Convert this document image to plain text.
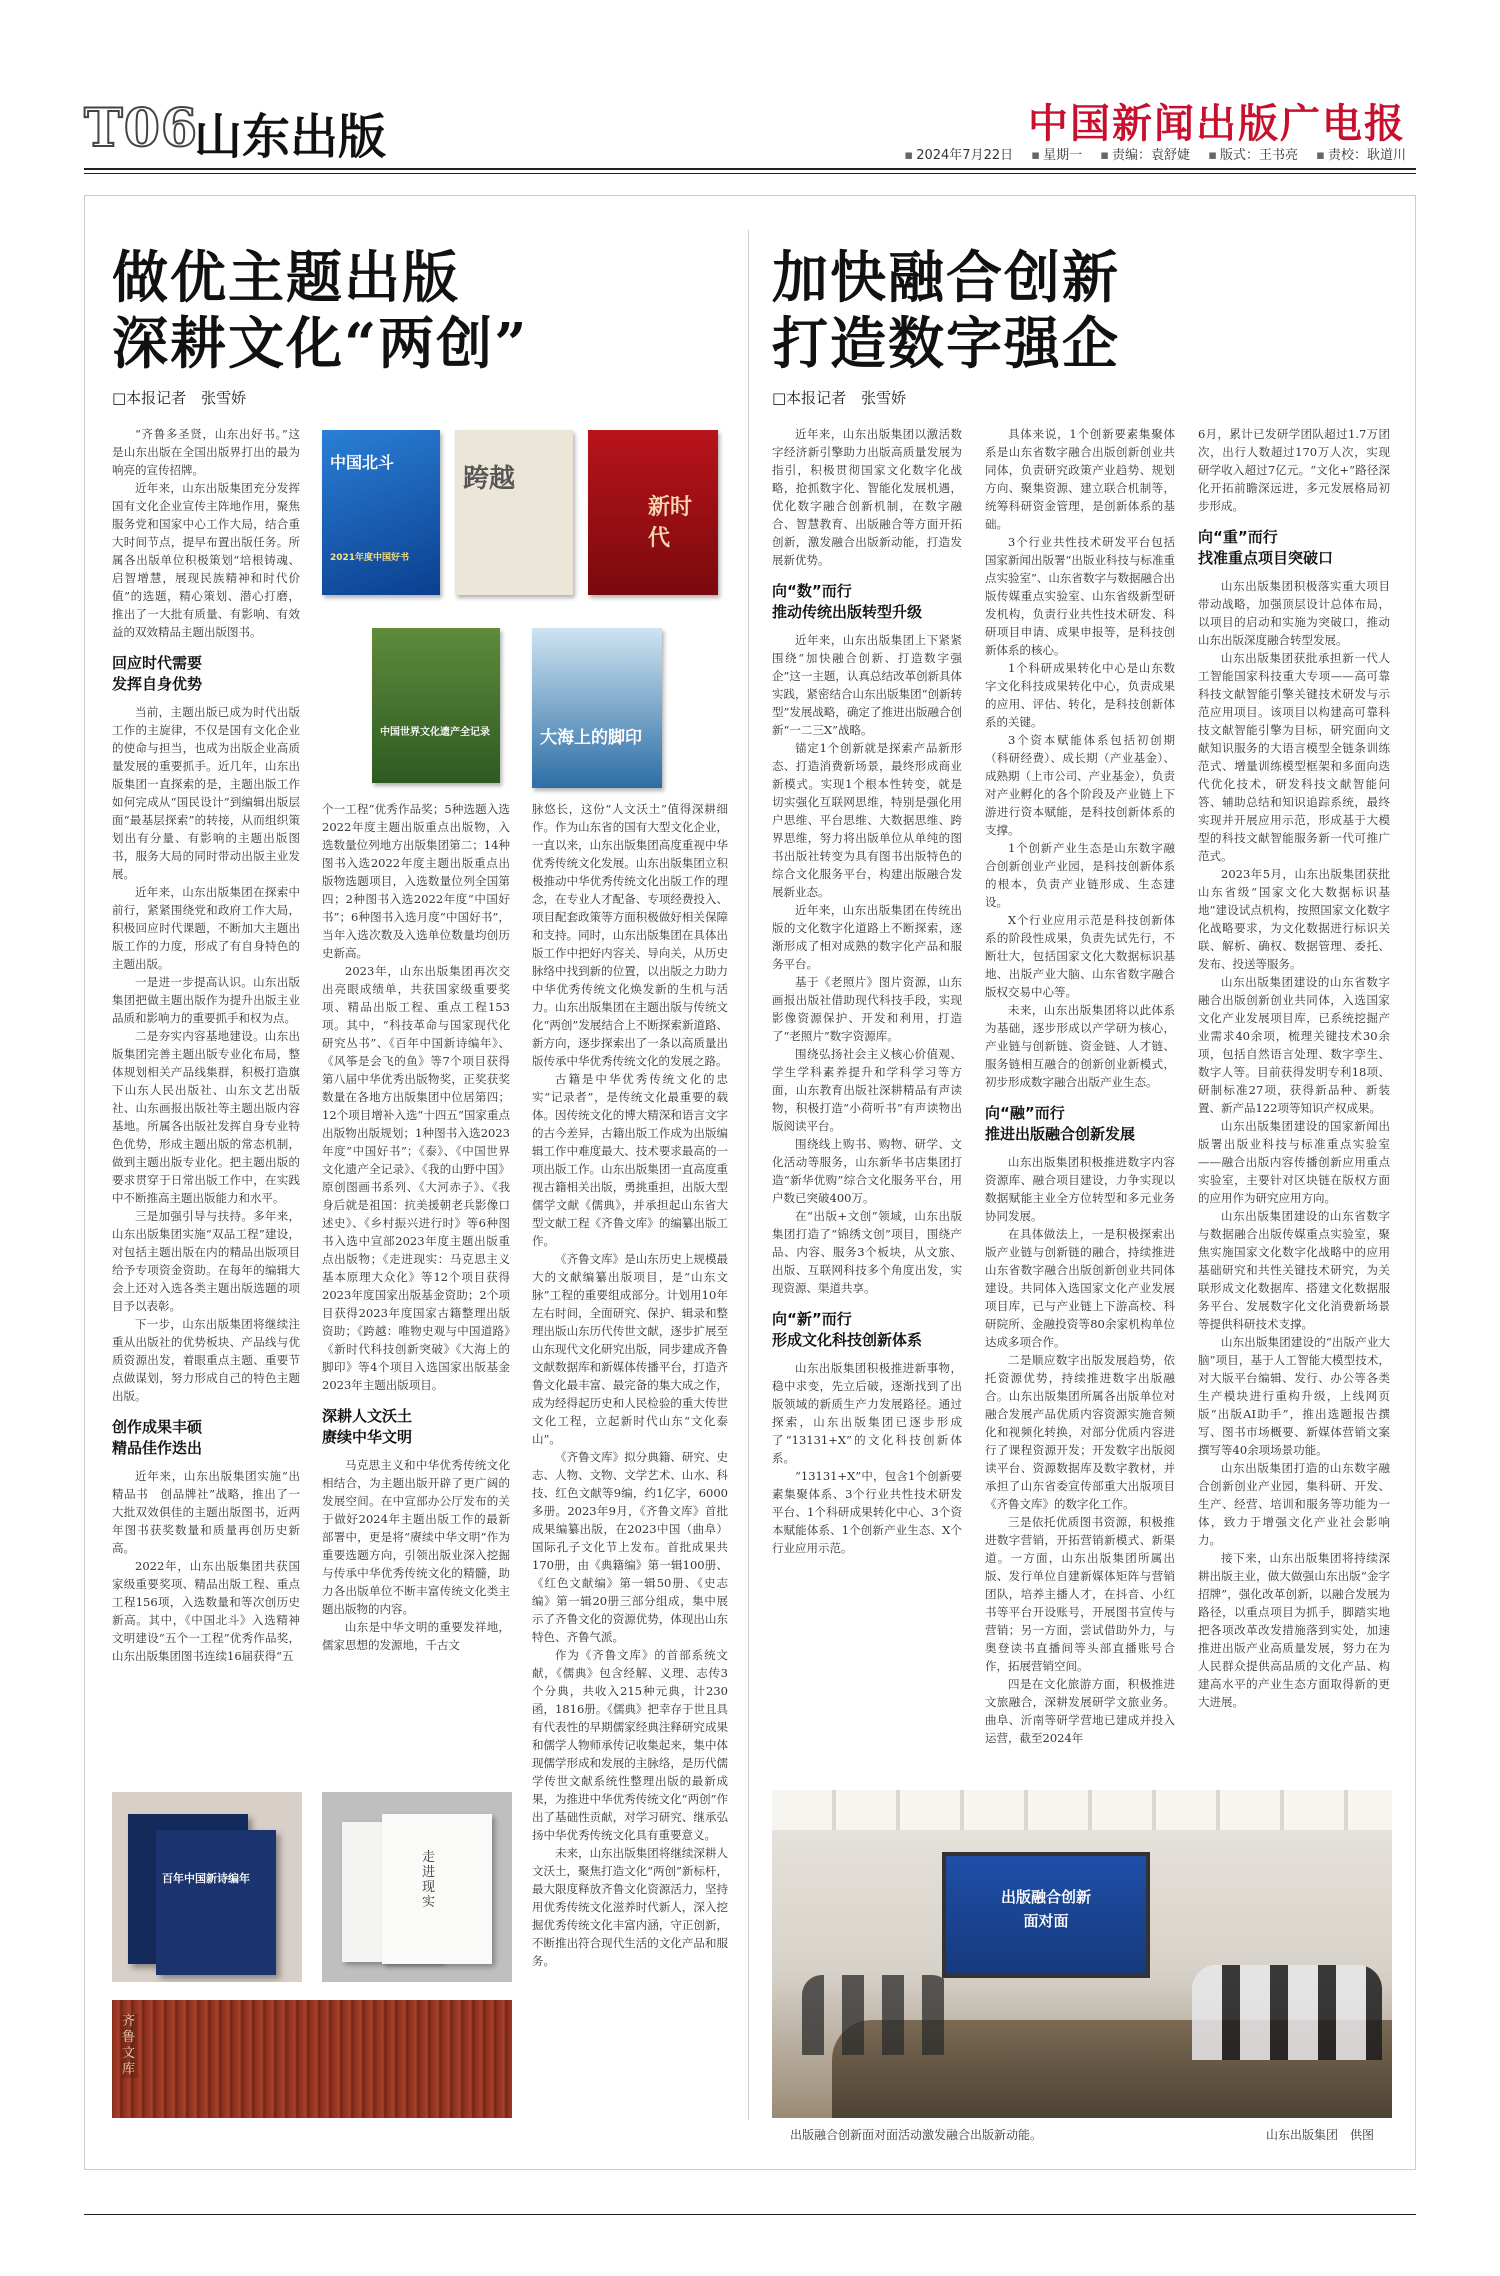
T06
山东出版	中国新闻出版广电报
▪ 2024年7月22日 ▪ 星期一 ▪ 责编：袁舒婕 ▪ 版式：王书亮 ▪ 责校：耿道川
做优主题出版
深耕文化“两创”
□本报记者　张雪娇

“齐鲁多圣贤，山东出好书。”这是山东出版在全国出版界打出的最为响亮的宣传招牌。

近年来，山东出版集团充分发挥国有文化企业宣传主阵地作用，聚焦服务党和国家中心工作大局，结合重大时间节点，提早布置出版任务。所属各出版单位积极策划“培根铸魂、启智增慧，展现民族精神和时代价值”的选题，精心策划、潜心打磨，推出了一大批有质量、有影响、有效益的双效精品主题出版图书。

回应时代需要
发挥自身优势

当前，主题出版已成为时代出版工作的主旋律，不仅是国有文化企业的使命与担当，也成为出版企业高质量发展的重要抓手。近几年，山东出版集团一直探索的是，主题出版工作如何完成从“国民设计”到编辑出版层面“最基层探索”的转接，从而组织策划出有分量、有影响的主题出版图书，服务大局的同时带动出版主业发展。

近年来，山东出版集团在探索中前行，紧紧围绕党和政府工作大局，积极回应时代课题，不断加大主题出版工作的力度，形成了有自身特色的主题出版。

一是进一步提高认识。山东出版集团把做主题出版作为提升出版主业品质和影响力的重要抓手和权为点。

二是夯实内容基地建设。山东出版集团完善主题出版专业化布局，整体规划相关产品线集群，积极打造旗下山东人民出版社、山东文艺出版社、山东画报出版社等主题出版内容基地。所属各出版社发挥自身专业特色优势，形成主题出版的常态机制，做到主题出版专业化。把主题出版的要求贯穿于日常出版工作中，在实践中不断推高主题出版能力和水平。

三是加强引导与扶持。多年来，山东出版集团实施“双品工程”建设，对包括主题出版在内的精品出版项目给予专项资金资助。在每年的编辑大会上还对入选各类主题出版选题的项目予以表彰。

下一步，山东出版集团将继续注重从出版社的优势板块、产品线与优质资源出发，着眼重点主题、重要节点做谋划，努力形成自己的特色主题出版。

创作成果丰硕
精品佳作迭出

近年来，山东出版集团实施“出精品书　创品牌社”战略，推出了一大批双效俱佳的主题出版图书，近两年图书获奖数量和质量再创历史新高。

2022年，山东出版集团共获国家级重要奖项、精品出版工程、重点工程156项，入选数量和等次创历史新高。其中，《中国北斗》入选精神文明建设“五个一工程”优秀作品奖，山东出版集团图书连续16届获得“五

个一工程”优秀作品奖；5种选题入选2022年度主题出版重点出版物，入选数量位列地方出版集团第二；14种图书入选2022年度主题出版重点出版物选题项目，入选数量位列全国第四；2种图书入选2022年度“中国好书”；6种图书入选月度“中国好书”，当年入选次数及入选单位数量均创历史新高。

2023年，山东出版集团再次交出亮眼成绩单，共获国家级重要奖项、精品出版工程、重点工程153项。其中，“科技革命与国家现代化研究丛书”、《百年中国新诗编年》、《风筝是会飞的鱼》等7个项目获得第八届中华优秀出版物奖，正奖获奖数量在各地方出版集团中位居第四；12个项目增补入选“十四五”国家重点出版物出版规划；1种图书入选2023年度“中国好书”；《泰》、《中国世界文化遗产全记录》、《我的山野中国》原创图画书系列、《大河赤子》、《我身后就是祖国：抗美援朝老兵影像口述史》、《乡村振兴进行时》等6种图书入选中宣部2023年度主题出版重点出版物；《走进现实：马克思主义基本原理大众化》等12个项目获得2023年度国家出版基金资助；2个项目获得2023年度国家古籍整理出版资助；《跨越：唯物史观与中国道路》《新时代科技创新突破》《大海上的脚印》等4个项目入选国家出版基金2023年主题出版项目。

深耕人文沃土
赓续中华文明

马克思主义和中华优秀传统文化相结合，为主题出版开辟了更广阔的发展空间。在中宣部办公厅发布的关于做好2024年主题出版工作的最新部署中，更是将“赓续中华文明”作为重要选题方向，引领出版业深入挖掘与传承中华优秀传统文化的精髓，助力各出版单位不断丰富传统文化类主题出版物的内容。

山东是中华文明的重要发祥地，儒家思想的发源地，千古文

脉悠长，这份“人文沃土”值得深耕细作。作为山东省的国有大型文化企业，一直以来，山东出版集团高度重视中华优秀传统文化发展。山东出版集团立积极推动中华优秀传统文化出版工作的理念，在专业人才配备、专项经费投入、项目配套政策等方面积极做好相关保障和支持。同时，山东出版集团在具体出版工作中把好内容关、导向关，从历史脉络中找到新的位置，以出版之力助力中华优秀传统文化焕发新的生机与活力。山东出版集团在主题出版与传统文化“两创”发展结合上不断探索新道路、新方向，逐步探索出了一条以高质量出版传承中华优秀传统文化的发展之路。

古籍是中华优秀传统文化的忠实“记录者”，是传统文化最重要的载体。因传统文化的博大精深和语言文字的古今差异，古籍出版工作成为出版编辑工作中难度最大、技术要求最高的一项出版工作。山东出版集团一直高度重视古籍相关出版，勇挑重担，出版大型儒学文献《儒典》，并承担起山东省大型文献工程《齐鲁文库》的编纂出版工作。

《齐鲁文库》是山东历史上规模最大的文献编纂出版项目，是“山东文脉”工程的重要组成部分。计划用10年左右时间，全面研究、保护、辑录和整理出版山东历代传世文献，逐步扩展至山东现代文化研究出版，同步建成齐鲁文献数据库和新媒体传播平台，打造齐鲁文化最丰富、最完备的集大成之作，成为经得起历史和人民检验的重大传世文化工程，立起新时代山东“文化泰山”。

《齐鲁文库》拟分典籍、研究、史志、人物、文物、文学艺术、山水、科技、红色文献等9编，约1亿字，6000多册。2023年9月，《齐鲁文库》首批成果编纂出版，在2023中国（曲阜）国际孔子文化节上发布。首批成果共170册，由《典籍编》第一辑100册、《红色文献编》第一辑50册、《史志编》第一辑20册三部分组成，集中展示了齐鲁文化的资源优势，体现出山东特色、齐鲁气派。

作为《齐鲁文库》的首部系统文献，《儒典》包含经解、义理、志传3个分典，共收入215种元典，计230函，1816册。《儒典》把幸存于世且具有代表性的早期儒家经典注释研究成果和儒学人物师承传记收集起来，集中体现儒学形成和发展的主脉络，是历代儒学传世文献系统性整理出版的最新成果，为推进中华优秀传统文化“两创”作出了基础性贡献，对学习研究、继承弘扬中华优秀传统文化具有重要意义。

未来，山东出版集团将继续深耕人文沃土，聚焦打造文化“两创”新标杆，最大限度释放齐鲁文化资源活力，坚持用优秀传统文化滋养时代新人，深入挖掘优秀传统文化丰富内涵，守正创新，不断推出符合现代生活的文化产品和服务。

中国北斗
2021年度中国好书
跨越
新时代
中国世界文化遗产全记录	大海上的脚印
百年中国新诗编年
走进现实
齐鲁文库
加快融合创新
打造数字强企
□本报记者　张雪娇

近年来，山东出版集团以激活数字经济新引擎助力出版高质量发展为指引，积极贯彻国家文化数字化战略，抢抓数字化、智能化发展机遇，优化数字融合创新机制，在数字融合、智慧教育、出版融合等方面开拓创新，激发融合出版新动能，打造发展新优势。

向“数”而行
推动传统出版转型升级

近年来，山东出版集团上下紧紧围绕“加快融合创新、打造数字强企”这一主题，认真总结改革创新具体实践，紧密结合山东出版集团“创新转型”发展战略，确定了推进出版融合创新“一二三X”战略。

锚定1个创新就是探索产品新形态、打造消费新场景，最终形成商业新模式。实现1个根本性转变，就是切实强化互联网思维，特别是强化用户思维、平台思维、大数据思维、跨界思维，努力将出版单位从单纯的图书出版社转变为具有图书出版特色的综合文化服务平台，构建出版融合发展新业态。

近年来，山东出版集团在传统出版的文化数字化道路上不断探索，逐渐形成了相对成熟的数字化产品和服务平台。

基于《老照片》图片资源，山东画报出版社借助现代科技手段，实现影像资源保护、开发和利用，打造了“老照片”数字资源库。

围绕弘扬社会主义核心价值观、学生学科素养提升和学科学习等方面，山东教育出版社深耕精品有声读物，积极打造“小荷听书”有声读物出版阅读平台。

围绕线上购书、购物、研学、文化活动等服务，山东新华书店集团打造“新华优购”综合文化服务平台，用户数已突破400万。

在“出版+文创”领域，山东出版集团打造了“锦绣文创”项目，围绕产品、内容、服务3个板块，从文旅、出版、互联网科技多个角度出发，实现资源、渠道共享。

向“新”而行
形成文化科技创新体系

山东出版集团积极推进新事物，稳中求变，先立后破，逐渐找到了出版领域的新质生产力发展路径。通过探索，山东出版集团已逐步形成了“13131+X”的文化科技创新体系。

“13131+X”中，包含1个创新要素集聚体系、3个行业共性技术研发平台、1个科研成果转化中心、3个资本赋能体系、1个创新产业生态、X个行业应用示范。

具体来说，1个创新要素集聚体系是山东省数字融合出版创新创业共同体，负责研究政策产业趋势、规划方向、聚集资源、建立联合机制等，统筹科研资金管理，是创新体系的基础。

3个行业共性技术研发平台包括国家新闻出版署“出版业科技与标准重点实验室”、山东省数字与数据融合出版传媒重点实验室、山东省级新型研发机构，负责行业共性技术研发、科研项目申请、成果申报等，是科技创新体系的核心。

1个科研成果转化中心是山东数字文化科技成果转化中心，负责成果的应用、评估、转化，是科技创新体系的关键。

3个资本赋能体系包括初创期（科研经费）、成长期（产业基金）、成熟期（上市公司、产业基金），负责对产业孵化的各个阶段及产业链上下游进行资本赋能，是科技创新体系的支撑。

1个创新产业生态是山东数字融合创新创业产业园，是科技创新体系的根本，负责产业链形成、生态建设。

X个行业应用示范是科技创新体系的阶段性成果，负责先试先行，不断壮大，包括国家文化大数据标识基地、出版产业大脑、山东省数字融合版权交易中心等。

未来，山东出版集团将以此体系为基础，逐步形成以产学研为核心，产业链与创新链、资金链、人才链、服务链相互融合的创新创业新模式，初步形成数字融合出版产业生态。

向“融”而行
推进出版融合创新发展

山东出版集团积极推进数字内容资源库、融合项目建设，力争实现以数据赋能主业全方位转型和多元业务协同发展。

在具体做法上，一是积极探索出版产业链与创新链的融合，持续推进山东省数字融合出版创新创业共同体建设。共同体入选国家文化产业发展项目库，已与产业链上下游高校、科研院所、金融投资等80余家机构单位达成多项合作。

二是顺应数字出版发展趋势，依托资源优势，持续推进数字出版融合。山东出版集团所属各出版单位对融合发展产品优质内容资源实施音频化和视频化转换，对部分优质内容进行了课程资源开发；开发数字出版阅读平台、资源数据库及数字教材，并承担了山东省委宣传部重大出版项目《齐鲁文库》的数字化工作。

三是依托优质图书资源，积极推进数字营销，开拓营销新模式、新渠道。一方面，山东出版集团所属出版、发行单位自建新媒体矩阵与营销团队，培养主播人才，在抖音、小红书等平台开设账号，开展图书宣传与营销；另一方面，尝试借助外力，与奥登读书直播间等头部直播账号合作，拓展营销空间。

四是在文化旅游方面，积极推进文旅融合，深耕发展研学文旅业务。曲阜、沂南等研学营地已建成并投入运营，截至2024年

6月，累计已发研学团队超过1.7万团次，出行人数超过170万人次，实现研学收入超过7亿元。“文化+”路径深化开拓前瞻深远进，多元发展格局初步形成。

向“重”而行
找准重点项目突破口

山东出版集团积极落实重大项目带动战略，加强顶层设计总体布局，以项目的启动和实施为突破口，推动山东出版深度融合转型发展。

山东出版集团获批承担新一代人工智能国家科技重大专项——高可靠科技文献智能引擎关键技术研发与示范应用项目。该项目以构建高可靠科技文献智能引擎为目标，研究面向文献知识服务的大语言模型全链条训练范式、增量训练模型框架和多面向迭代优化技术，研发科技文献智能问答、辅助总结和知识追踪系统，最终实现并开展应用示范，形成基于大模型的科技文献智能服务新一代可推广范式。

2023年5月，山东出版集团获批山东省级“国家文化大数据标识基地”建设试点机构，按照国家文化数字化战略要求，为文化数据进行标识关联、解析、确权、数据管理、委托、发布、投送等服务。

山东出版集团建设的山东省数字融合出版创新创业共同体，入选国家文化产业发展项目库，已系统挖掘产业需求40余项，梳理关键技术30余项，包括自然语言处理、数字孪生、数字人等。目前获得发明专利18项、研制标准27项，获得新品种、新装置、新产品122项等知识产权成果。

山东出版集团建设的国家新闻出版署出版业科技与标准重点实验室——融合出版内容传播创新应用重点实验室，主要针对区块链在版权方面的应用作为研究应用方向。

山东出版集团建设的山东省数字与数据融合出版传媒重点实验室，聚焦实施国家文化数字化战略中的应用基础研究和共性关键技术研究，为关联形成文化数据库、搭建文化数据服务平台、发展数字化文化消费新场景等提供科研技术支撑。

山东出版集团建设的“出版产业大脑”项目，基于人工智能大模型技术，对大版平台编辑、发行、办公等各类生产模块进行重构升级，上线网页版“出版AI助手”，推出选题报告撰写、图书市场概要、新媒体营销文案撰写等40余项场景功能。

山东出版集团打造的山东数字融合创新创业产业园，集科研、开发、生产、经营、培训和服务等功能为一体，致力于增强文化产业社会影响力。

接下来，山东出版集团将持续深耕出版主业，做大做强山东出版“金字招牌”，强化改革创新，以融合发展为路径，以重点项目为抓手，脚踏实地把各项改革改发措施落到实处，加速推进出版产业高质量发展，努力在为人民群众提供高品质的文化产品、构建高水平的产业生态方面取得新的更大进展。

出版融合创新
面对面
出版融合创新面对面活动激发融合出版新动能。	山东出版集团　供图
